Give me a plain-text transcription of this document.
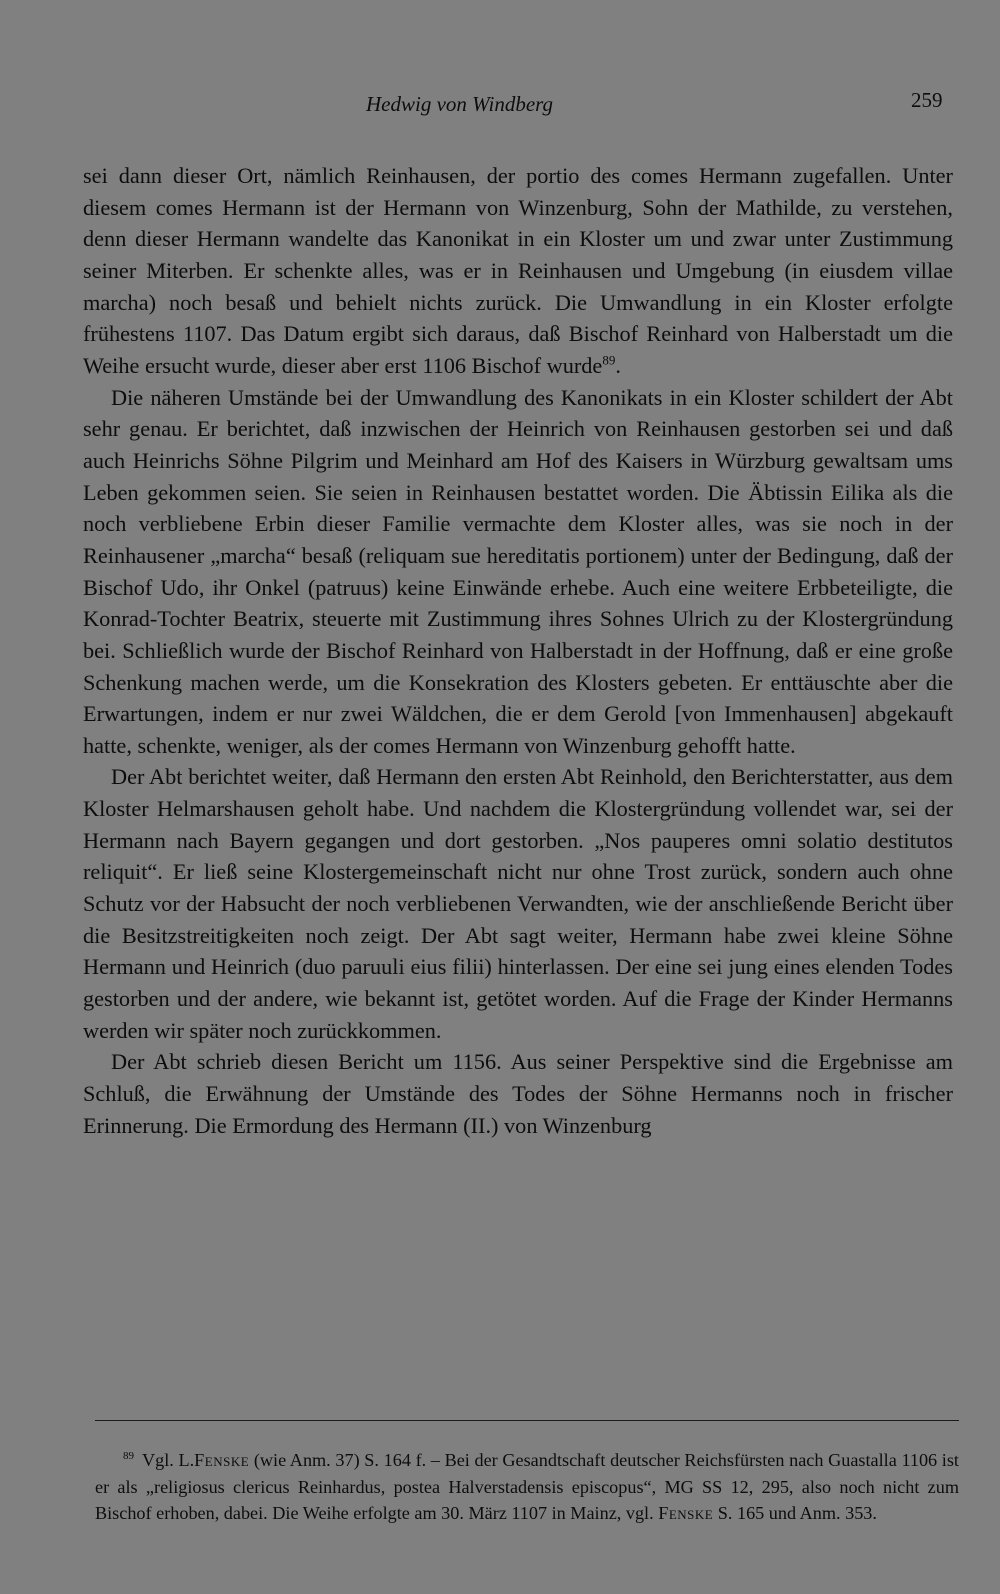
Hedwig von Windberg	259

sei dann dieser Ort, nämlich Reinhausen, der portio des comes Hermann zugefallen. Unter diesem comes Hermann ist der Hermann von Winzenburg, Sohn der Mathilde, zu verstehen, denn dieser Hermann wandelte das Kanonikat in ein Kloster um und zwar unter Zustimmung seiner Miterben. Er schenkte alles, was er in Reinhausen und Umgebung (in eiusdem villae marcha) noch besaß und behielt nichts zurück. Die Umwandlung in ein Kloster erfolgte frühestens 1107. Das Datum ergibt sich daraus, daß Bischof Reinhard von Halberstadt um die Weihe ersucht wurde, dieser aber erst 1106 Bischof wurde$^{89}$.

Die näheren Umstände bei der Umwandlung des Kanonikats in ein Kloster schildert der Abt sehr genau. Er berichtet, daß inzwischen der Heinrich von Reinhausen gestorben sei und daß auch Heinrichs Söhne Pilgrim und Meinhard am Hof des Kaisers in Würzburg gewaltsam ums Leben gekommen seien. Sie seien in Reinhausen bestattet worden. Die Äbtissin Eilika als die noch verbliebene Erbin dieser Familie vermachte dem Kloster alles, was sie noch in der Reinhausener „marcha“ besaß (reliquam sue hereditatis portionem) unter der Bedingung, daß der Bischof Udo, ihr Onkel (patruus) keine Einwände erhebe. Auch eine weitere Erbbeteiligte, die Konrad-Tochter Beatrix, steuerte mit Zustimmung ihres Sohnes Ulrich zu der Klostergründung bei. Schließlich wurde der Bischof Reinhard von Halberstadt in der Hoffnung, daß er eine große Schenkung machen werde, um die Konsekration des Klosters gebeten. Er enttäuschte aber die Erwartungen, indem er nur zwei Wäldchen, die er dem Gerold [von Immenhausen] abgekauft hatte, schenkte, weniger, als der comes Hermann von Winzenburg gehofft hatte.

Der Abt berichtet weiter, daß Hermann den ersten Abt Reinhold, den Berichterstatter, aus dem Kloster Helmarshausen geholt habe. Und nachdem die Klostergründung vollendet war, sei der Hermann nach Bayern gegangen und dort gestorben. „Nos pauperes omni solatio destitutos reliquit“. Er ließ seine Klostergemeinschaft nicht nur ohne Trost zurück, sondern auch ohne Schutz vor der Habsucht der noch verbliebenen Verwandten, wie der anschließende Bericht über die Besitzstreitigkeiten noch zeigt. Der Abt sagt weiter, Hermann habe zwei kleine Söhne Hermann und Heinrich (duo paruuli eius filii) hinterlassen. Der eine sei jung eines elenden Todes gestorben und der andere, wie bekannt ist, getötet worden. Auf die Frage der Kinder Hermanns werden wir später noch zurückkommen.

Der Abt schrieb diesen Bericht um 1156. Aus seiner Perspektive sind die Ergebnisse am Schluß, die Erwähnung der Umstände des Todes der Söhne Hermanns noch in frischer Erinnerung. Die Ermordung des Hermann (II.) von Winzenburg

$^{89}$ Vgl. L.Fenske (wie Anm. 37) S. 164 f. – Bei der Gesandtschaft deutscher Reichsfürsten nach Guastalla 1106 ist er als „religiosus clericus Reinhardus, postea Halverstadensis episcopus“, MG SS 12, 295, also noch nicht zum Bischof erhoben, dabei. Die Weihe erfolgte am 30. März 1107 in Mainz, vgl. Fenske S. 165 und Anm. 353.
